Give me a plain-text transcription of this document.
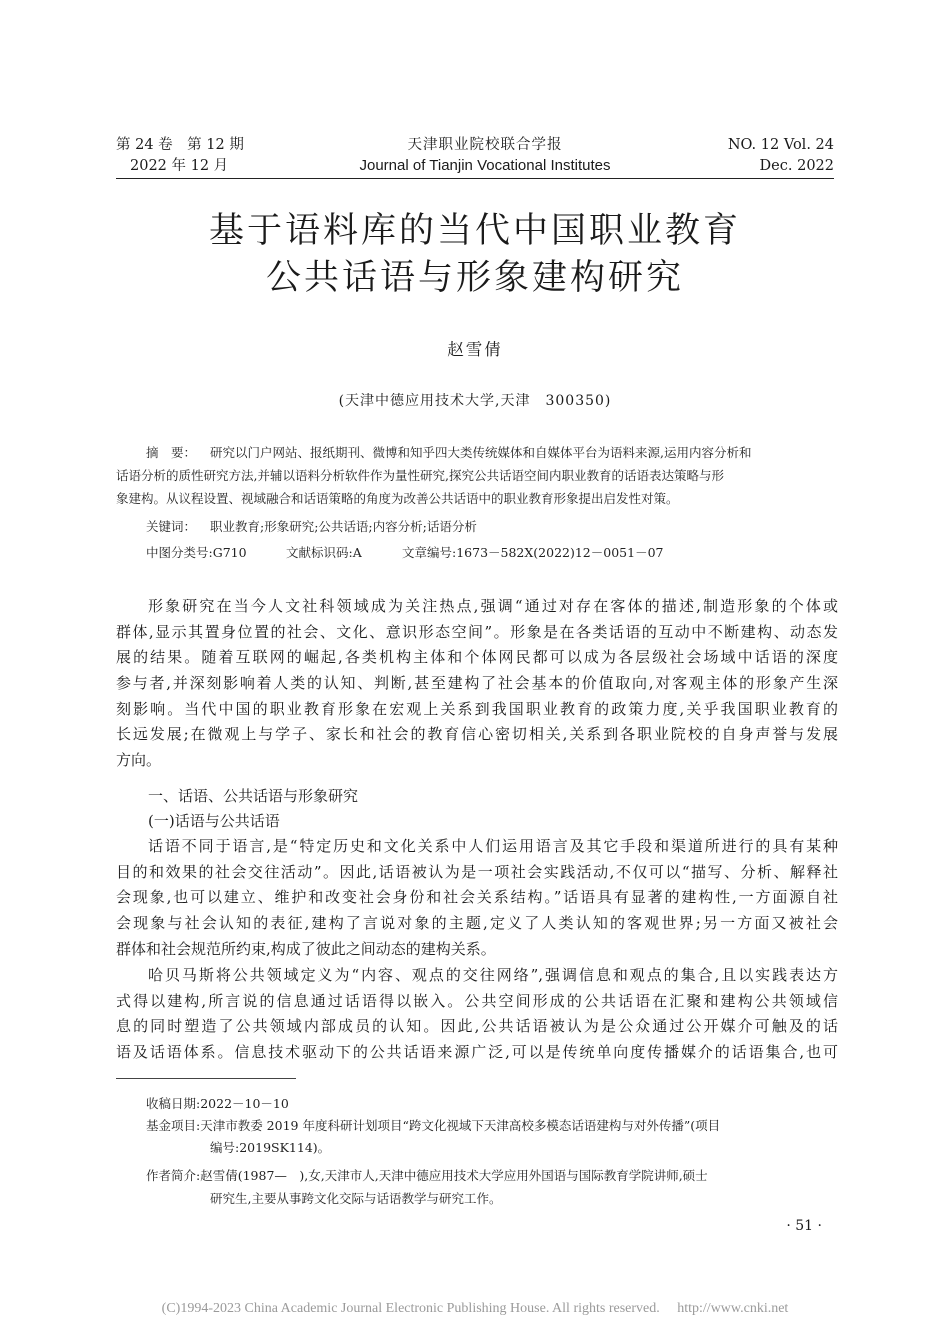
第 24 卷　第 12 期
2022 年 12 月
天津职业院校联合学报
Journal of Tianjin Vocational Institutes
NO. 12 Vol. 24
Dec. 2022
基于语料库的当代中国职业教育
公共话语与形象建构研究
赵雪倩
(天津中德应用技术大学,天津　300350)
摘　要： 研究以门户网站、报纸期刊、微博和知乎四大类传统媒体和自媒体平台为语料来源,运用内容分析和
话语分析的质性研究方法,并辅以语料分析软件作为量性研究,探究公共话语空间内职业教育的话语表达策略与形
象建构。从议程设置、视域融合和话语策略的角度为改善公共话语中的职业教育形象提出启发性对策。
关键词： 职业教育;形象研究;公共话语;内容分析;话语分析
中图分类号:G710	文献标识码:A	文章编号:1673－582X(2022)12－0051－07
形象研究在当今人文社科领域成为关注热点,强调“通过对存在客体的描述,制造形象的个体或
群体,显示其置身位置的社会、文化、意识形态空间”。形象是在各类话语的互动中不断建构、动态发
展的结果。随着互联网的崛起,各类机构主体和个体网民都可以成为各层级社会场域中话语的深度
参与者,并深刻影响着人类的认知、判断,甚至建构了社会基本的价值取向,对客观主体的形象产生深
刻影响。当代中国的职业教育形象在宏观上关系到我国职业教育的政策力度,关乎我国职业教育的
长远发展;在微观上与学子、家长和社会的教育信心密切相关,关系到各职业院校的自身声誉与发展
方向。
一、话语、公共话语与形象研究
(一)话语与公共话语
话语不同于语言,是“特定历史和文化关系中人们运用语言及其它手段和渠道所进行的具有某种
目的和效果的社会交往活动”。因此,话语被认为是一项社会实践活动,不仅可以“描写、分析、解释社
会现象,也可以建立、维护和改变社会身份和社会关系结构。”话语具有显著的建构性,一方面源自社
会现象与社会认知的表征,建构了言说对象的主题,定义了人类认知的客观世界;另一方面又被社会
群体和社会规范所约束,构成了彼此之间动态的建构关系。
哈贝马斯将公共领域定义为“内容、观点的交往网络”,强调信息和观点的集合,且以实践表达方
式得以建构,所言说的信息通过话语得以嵌入。公共空间形成的公共话语在汇聚和建构公共领域信
息的同时塑造了公共领域内部成员的认知。因此,公共话语被认为是公众通过公开媒介可触及的话
语及话语体系。信息技术驱动下的公共话语来源广泛,可以是传统单向度传播媒介的话语集合,也可
收稿日期:2022－10－10
基金项目:天津市教委 2019 年度科研计划项目“跨文化视域下天津高校多模态话语建构与对外传播”(项目
编号:2019SK114)。
作者简介:赵雪倩(1987—　),女,天津市人,天津中德应用技术大学应用外国语与国际教育学院讲师,硕士
研究生,主要从事跨文化交际与话语教学与研究工作。
· 51 ·
(C)1994-2023 China Academic Journal Electronic Publishing House. All rights reserved.　 http://www.cnki.net
